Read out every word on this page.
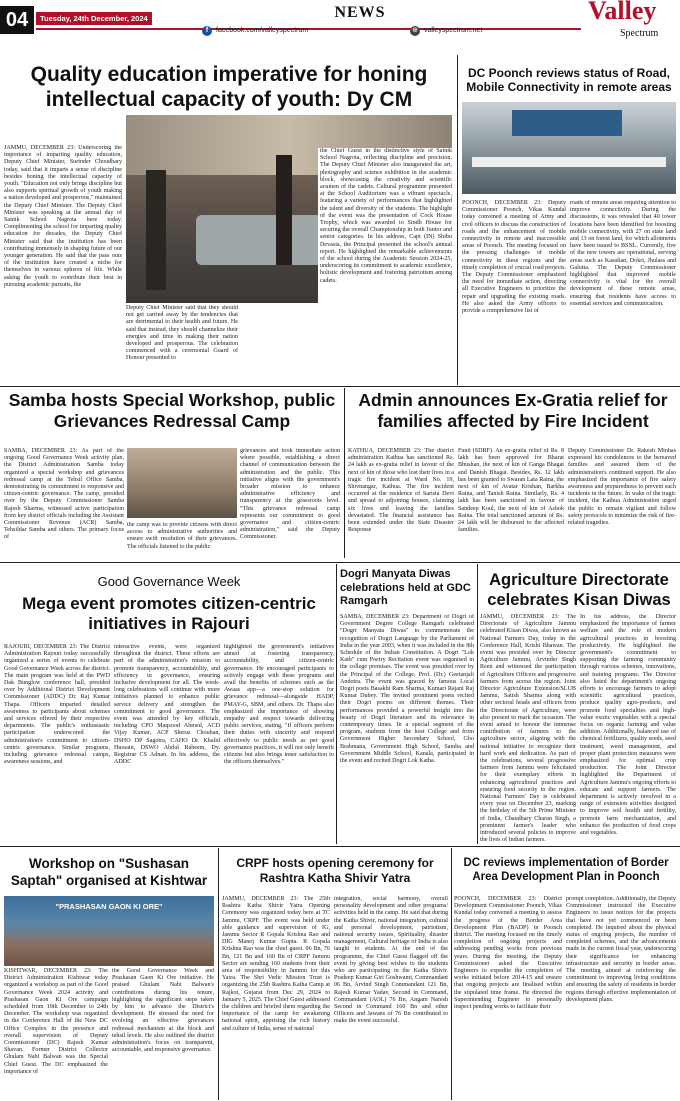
04	Tuesday, 24th December, 2024
f	facebook.com/valleyspectrum	⊕ valleyspectrum.net
NEWS	Valley
Spectrum
Quality education imperative for honing intellectual capacity of youth: Dy CM
JAMMU, DECEMBER 23: Underscoring the importance of imparting quality education, Deputy Chief Minister, Surinder Choudhary today, said that it imparts a sense of discipline besides honing the intellectual capacity of youth. "Education not only brings discipline but also supports spiritual growth of youth making a nation developed and prosperous," maintained the Deputy Chief Minister. The Deputy Chief Minister was speaking at the annual day of Sainik School Nagrota here today. Complimenting the school for imparting quality education for decades, the Deputy Chief Minister said that the institution has been contributing immensely in shaping future of our younger generation. He said that the pass outs of the institution have created a niche for themselves in various spheres of life. While asking the youth to contribute their best in pursuing academic pursuits, the
Deputy Chief Minister said that they should not get carried away by the tendencies that are detrimental to their health and future. He said that instead, they should channelize their energies and time in making their nation developed and prosperous. The celebration commenced with a ceremonial Guard of Honour presented to
the Chief Guest in the distinctive style of Sainik School Nagrota, reflecting discipline and precision. The Deputy Chief Minister also inaugurated the art, photography and science exhibition in the academic block, showcasing the creativity and scientific acumen of the cadets. Cultural programme presented at the School Auditorium was a vibrant spectacle, featuring a variety of performances that highlighted the talent and diversity of the students. The highlight of the event was the presentation of Cock House Trophy, which was awarded to Sindh House for securing the overall Championship in both Junior and senior categories. In his address, Capt (IN) Shibu Devasia, the Principal presented the school's annual report. He highlighted the remarkable achievements of the school during the Academic Session 2024-25, underscoring its commitment to academic excellence, holistic development and fostering patriotism among cadets.
DC Poonch reviews status of Road, Mobile Connectivity in remote areas
POONCH, DECEMBER 23: Deputy Commissioner Poonch, Vikas Kundal today convened a meeting of Army and civil officers to discuss the construction of roads and the enhancement of mobile connectivity in remote and inaccessible areas of Poonch. The meeting focused on the pressing challenges of mobile connectivity in these regions and the timely completion of crucial road projects. The Deputy Commissioner emphasized the need for immediate action, directing all Executive Engineers to prioritize the repair and upgrading the existing roads. He also asked the Army officers to provide a comprehensive list of
roads of remote areas requiring attention to improve connectivity. During the discussions, it was revealed that 40 tower locations have been identified for boosting mobile connectivity, with 27 on state land and 13 on forest land, for which allotments have been issued to BSNL. Currently, five of the new towers are operational, serving areas such as Kasalian, Dokri, Jhulass and Galutta. The Deputy Commissioner highlighted that improved mobile connectivity is vital for the overall development of these remote areas, ensuring that residents have access to essential services and communication.
Samba hosts Special Workshop, public Grievances Redressal Camp
SAMBA, DECEMBER 23: As part of the ongoing Good Governance Week activity plan, the District Administration Samba today organized a special workshop and grievances redressal camp at the Tehsil Office Samba, demonstrating its commitment to responsive and citizen-centric governance. The camp, presided over by the Deputy Commissioner Samba Rajesh Sharma, witnessed active participation from key district officials including the Assistant Commissioner Revenue (ACR) Samba, Tehsildar Samba and others. The primary focus of
the camp was to provide citizens with direct access to administrative authorities and ensure swift resolution of their grievances. The officials listened to the public
grievances and took immediate action where possible, establishing a direct channel of communication between the administration and the public. This initiative aligns with the government's broader mission to enhance administrative efficiency and transparency at the grassroots level. "This grievance redressal camp represents our commitment to good governance and citizen-centric administration," said the Deputy Commissioner.
Admin announces Ex-Gratia relief for families affected by Fire Incident
KATHUA, DECEMBER 23: The district administration Kathua has sanctioned Rs. 24 lakh as ex-gratia relief in favour of the next of kin of those who lost their lives in a tragic fire incident at Ward No. 19, Shivnangar, Kathua. The fire incident occurred at the residence of Sarista Devi and spread to adjoining houses, claiming six lives and leaving the families devastated. The financial assistance has been extended under the State Disaster Response
Fund (SDRF). An ex-gratia relief of Rs. 8 lakh has been approved for Bharat Bhushan, the next of kin of Ganga Bhagat and Danish Bhagat. Besides, Rs. 12 lakh has been granted to Swaran Lata Raina, the next of kin of Avatar Krishan, Barkha Raina, and Tanish Raina. Similarly, Rs. 4 lakh has been sanctioned in favour of Sandeep Koul, the next of kin of Ashok Raina. The total sanctioned amount of Rs. 24 lakh will be disbursed to the affected families.
Deputy Commissioner Dr. Rakesh Minhas expressed his condolences to the bereaved families and assured them of the administration's continued support. He also emphasized the importance of fire safety awareness and preparedness to prevent such incidents in the future. In wake of the tragic incident, the Kathua Administration urged the public to remain vigilant and follow safety protocols to minimize the risk of fire-related tragedies.
Good Governance Week
Mega event promotes citizen-centric initiatives in Rajouri
RAJOURI, DECEMBER 23: The District Administration Rajouri today successfully organized a series of events to celebrate Good Governance Week across the district. The main program was held at the PWD Dak Bunglow conference hall, presided over by Additional District Development Commissioner (ADDC) Dr. Raj Kumar Thapa. Officers imparted detailed awareness to participants about schemes and services offered by their respective departments. The public's enthusiastic participation underscored the administration's commitment to citizen-centric governance. Similar programs, including grievance redressal camps, awareness sessions, and
interactive events, were organized throughout the district. These efforts are part of the administration's mission to promote transparency, accountability, and efficiency in governance, ensuring inclusive development for all. The week-long celebrations will continue with more initiatives planned to enhance public service delivery and strengthen the commitment to good governance. The event was attended by key officials, including CPO Maqsood Ahmed, ACD Vijay Kumar, ACP Sheraz Chouhan, DSHO DP Sagotra, CAHO Dr. Khalid Hussain, DSWO Abdul Raheem, Dy. Registrar CS Adnan. In his address, the ADDC
highlighted the government's initiatives aimed at fostering transparency, accountability, and citizen-centric governance. He encouraged participants to actively engage with these programs and avail the benefits of schemes such as the Awaas app—a one-stop solution for grievance redressal—alongside HADP, PMAY-G, SBM, and others. Dr. Thapa also emphasized the importance of showing empathy and respect towards delivering public services, stating, "If officers perform their duties with sincerity and respond effectively to public needs as per good governance practices, it will not only benefit citizens but also brings inner satisfaction to the officers themselves."
Dogri Manyata Diwas celebrations held at GDC Ramgarh
SAMBA, DECEMBER 23: Department of Dogri of Government Degree College Ramgarh celebrated "Dogri Manyata Diwas" to commemorate the recognition of Dogri Language by the Parliament of India in the year 2003, when it was included in the 8th Schedule of the Indian Constitution. A Dogri "Lok Kath" cum Poetry Recitation event was organised in the college premises. The event was presided over by the Principal of the College, Prof. (Dr.) Geetanjali Andotra. The event was graced by famous Local Dogri poets Basakhi Ram Sharma, Kumari Rajani Raj Kumar Dubey. The invited prominent poets recited their Dogri poems on different themes. Their performances provided a powerful insight into the beauty of Dogri literature and its relevance in contemporary times. In a special segment of the program, students from the host College and from Government Higher Secondary School, Gho Brahmana, Government High School, Samba and Government Middle School, Kanala, participated in the event and recited Dogri Lok Katha.
Agriculture Directorate celebrates Kisan Diwas
JAMMU, DECEMBER 23: The Directorate of Agriculture Jammu celebrated Kisan Diwas, also known as National Farmers Day, today in the Conference Hall, Krishi Bhawan. The event was presided over by Director Agriculture Jammu, Arvinder Singh Reen and witnessed the participation of Agriculture Officers and progressive farmers from across the region. Joint Director Agriculture Extension/SLUB Jammu, Satish Sharma along with other sectoral heads and officers from the Directorate of Agriculture, were also present to mark the occasion. The event aimed to honour the immense contribution of farmers to the agriculture sector, aligning with the national initiative to recognize their hard work and dedication. As part of the celebrations, several progressive farmers from Jammu were felicitated for their exemplary efforts in enhancing agricultural practices and ensuring food security in the region. National Farmers' Day is celebrated every year on December 23, marking the birthday of the 5th Prime Minister of India, Chaudhary Charan Singh, a prominent farmer's leader who introduced several policies to improve the lives of Indian farmers.
In his address, the Director emphasized the importance of farmer welfare and the role of modern agricultural practices in boosting productivity. He highlighted the government's commitment to supporting the farming community through various schemes, innovations, and training programs. The Director also listed the department's ongoing efforts to encourage farmers to adopt scientific agricultural practices, produce quality agro-products, and promote food specialties and high-value exotic vegetables with a special focus on organic farming and value addition. Additionally, balanced use of chemical fertilizers, quality seeds, seed treatment, weed management, and proper plant protection measures were emphasized for optimal crop production. The Joint Director highlighted the Department of Agriculture Jammu's ongoing efforts to educate and support farmers. The department is actively involved in a range of extension activities designed to improve soil health and fertility, promote farm mechanization, and enhance the production of food crops and vegetables.
Workshop on "Sushasan Saptah" organised at Kishtwar
"PRASHASAN GAON KI ORE"
KISHTWAR, DECEMBER 23: The District Administration Kishtwar today organized a workshop as part of the Good Governance Week 2024 activity and Prashasan Gaon Ki Ore campaign scheduled from 19th December to 24th December. The workshop was organized in the Conference Hall of the New DC Office Complex in the presence and overall supervision of Deputy Commissioner (DC) Rajesh Kumar Shavan. Former District Collector Ghulam Nabi Balwan was the Special Chief Guest. The DC emphasized the importance of
the Good Governance Week and Prashasan Gaon Ki Ore initiative. He praised Ghulam Nabi Balwan's contributions during his tenure, highlighting the significant steps taken by him to advance the District's development. He stressed the need for evolving an effective grievances redressal mechanism at the block and tehsil levels. He also outlined the district administration's focus on transparent, accountable, and responsive governance.
CRPF hosts opening ceremony for Rashtra Katha Shivir Yatra
JAMMU, DECEMBER 23: The 25th Rashtra Katha Shivir Yatra Opening Ceremony was organized today here at TC Jammu, CRPF. The event was held under able guidance and supervision of IG, Jammu Sector R Gopala Krishna Rao and DIG Manoj Kumar Gupta. R Gopala Krishna Rao was the chief guest. 06 Bn, 76 Bn, 121 Bn and 160 Bn of CRPF Jammu Sector are sending 160 students from their area of responsibility in Jammu for this Yatra. The Shri Vedic Mission Trust is organizing the 25th Rashtra Katha Camp at Rajkot, Gujarat from Dec 29, 2024 to January 5, 2025. The Chief Guest addressed the children and briefed them regarding the importance of the camp for awakening national spirit, apprising the rich history and culture of India, sense of national
integration, social harmony, overall personality development and other programs/ activities held in the camp. He said that during the Katha Shivir, national integration, cultural and personal development, patriotism, national security issues, Spirituality, disaster management, Cultural heritage of India is also taught to students. At the end of the programme, the Chief Guest flagged off the event by giving best wishes to the students who are participating in the Katha Shivir. Pradeep Kumar Giri Goshwami, Commandant 06 Bn, Arvind Singh Commandant 121 Bn, Rajesh Kumar Yadav, Second in Command, Commandant (AOL) 76 Bn, Angam Naresh Second in Command 160 Bn and other Officers and Jawans of 76 Bn contributed to make the event successful.
DC reviews implementation of Border Area Development Plan in Poonch
POONCH, DECEMBER 23: District Development Commissioner Poonch, Vikas Kundal today convened a meeting to assess the progress of the Border Area Development Plan (BADP) in Poonch district. The meeting focused on the timely completion of ongoing projects and addressing pending works from previous years. During the meeting, the Deputy Commissioner asked the Executive Engineers to expedite the completion of works initiated before 2014-15 and ensure that ongoing projects are finalised within the stipulated time frame. He directed the Superintending Engineer to personally inspect pending works to facilitate their
prompt completion. Additionally, the Deputy Commissioner instructed the Executive Engineers to issue notices for the projects that have not yet commenced or been completed. He inquired about the physical status of ongoing projects, the number of completed schemes, and the advancements made in the current fiscal year, underscoring their significance for enhancing infrastructure and security in border areas. The meeting aimed at reinforcing the commitment to improving living conditions and ensuring the safety of residents in border regions through effective implementation of development plans.
